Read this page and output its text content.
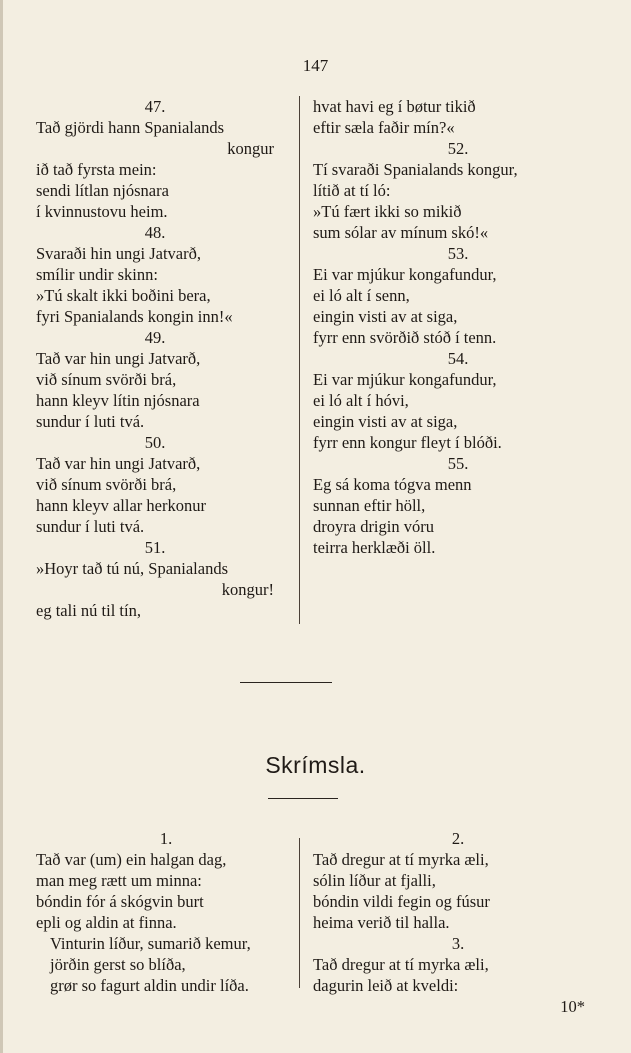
147
47.
Tað gjördi hann Spanialands
kongur
ið tað fyrsta mein:
sendi lítlan njósnara
í kvinnustovu heim.
48.
Svaraði hin ungi Jatvarð,
smílir undir skinn:
»Tú skalt ikki boðini bera,
fyri Spanialands kongin inn!«
49.
Tað var hin ungi Jatvarð,
við sínum svörði brá,
hann kleyv lítin njósnara
sundur í luti tvá.
50.
Tað var hin ungi Jatvarð,
við sínum svörði brá,
hann kleyv allar herkonur
sundur í luti tvá.
51.
»Hoyr tað tú nú, Spanialands
kongur!
eg tali nú til tín,
hvat havi eg í bøtur tikið
eftir sæla faðir mín?«
52.
Tí svaraði Spanialands kongur,
lítið at tí ló:
»Tú fært ikki so mikið
sum sólar av mínum skó!«
53.
Ei var mjúkur kongafundur,
ei ló alt í senn,
eingin visti av at siga,
fyrr enn svörðið stóð í tenn.
54.
Ei var mjúkur kongafundur,
ei ló alt í hóvi,
eingin visti av at siga,
fyrr enn kongur fleyt í blóði.
55.
Eg sá koma tógva menn
sunnan eftir höll,
droyra drigin vóru
teirra herklæði öll.
Skrímsla.
1.
Tað var (um) ein halgan dag,
man meg rætt um minna:
bóndin fór á skógvin burt
epli og aldin at finna.
Vinturin líður, sumarið kemur,
jörðin gerst so blíða,
grør so fagurt aldin undir líða.
2.
Tað dregur at tí myrka æli,
sólin líður at fjalli,
bóndin vildi fegin og fúsur
heima verið til halla.
3.
Tað dregur at tí myrka æli,
dagurin leið at kveldi:
10*
